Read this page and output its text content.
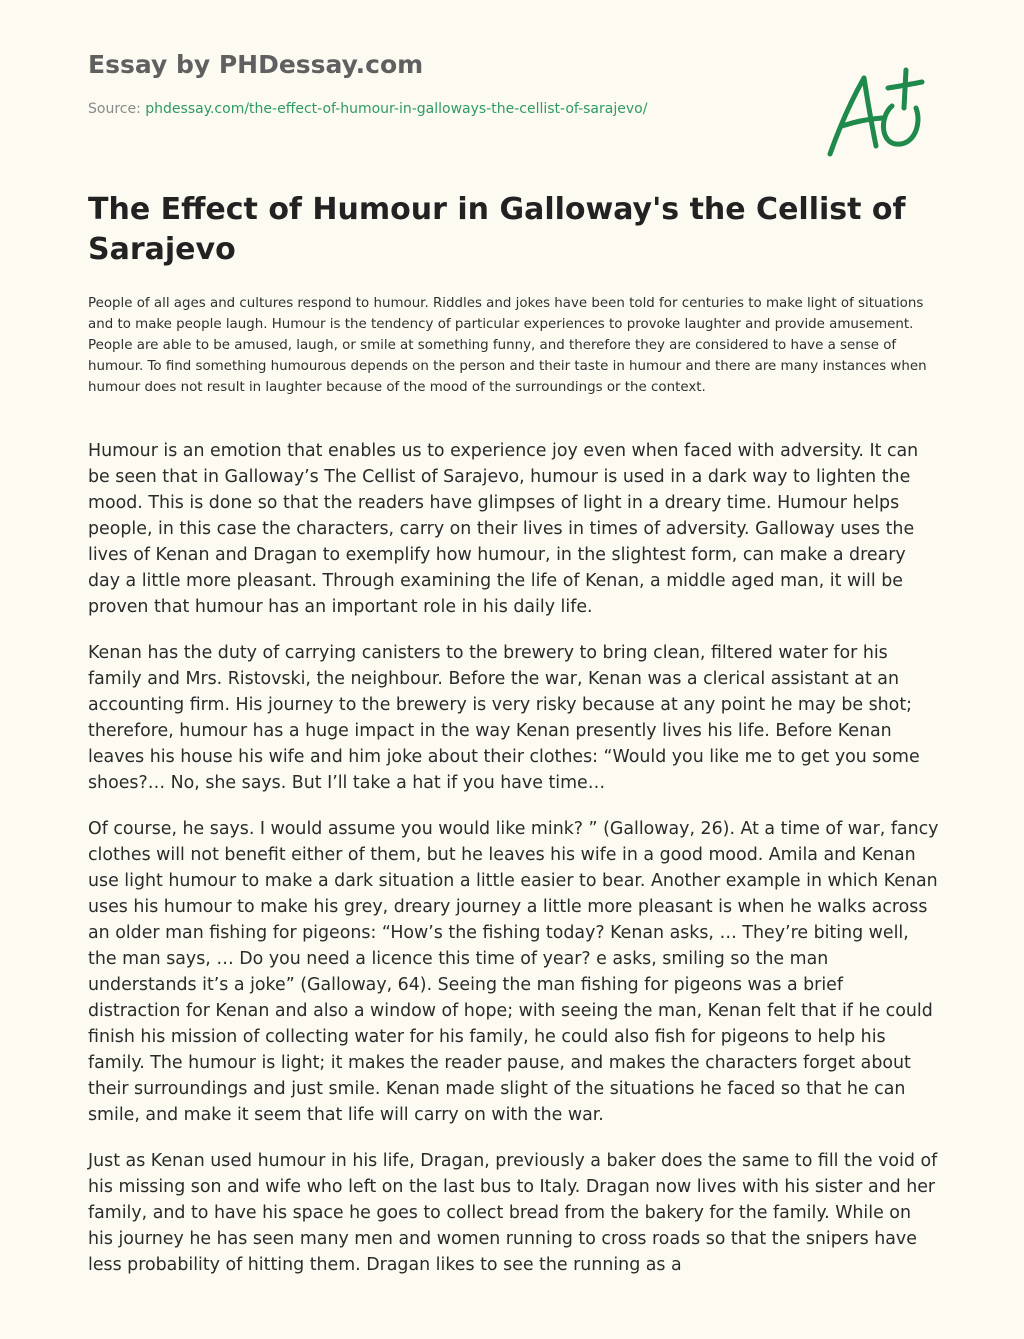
Essay by PHDessay.com
Source: phdessay.com/the-effect-of-humour-in-galloways-the-cellist-of-sarajevo/
The Effect of Humour in Galloway's the Cellist of Sarajevo

People of all ages and cultures respond to humour. Riddles and jokes have been told for centuries to make light of situations and to make people laugh. Humour is the tendency of particular experiences to provoke laughter and provide amusement. People are able to be amused, laugh, or smile at something funny, and therefore they are considered to have a sense of humour. To find something humourous depends on the person and their taste in humour and there are many instances when humour does not result in laughter because of the mood of the surroundings or the context.

Humour is an emotion that enables us to experience joy even when faced with adversity. It can be seen that in Galloway’s The Cellist of Sarajevo, humour is used in a dark way to lighten the mood. This is done so that the readers have glimpses of light in a dreary time. Humour helps people, in this case the characters, carry on their lives in times of adversity. Galloway uses the lives of Kenan and Dragan to exemplify how humour, in the slightest form, can make a dreary day a little more pleasant. Through examining the life of Kenan, a middle aged man, it will be proven that humour has an important role in his daily life.

Kenan has the duty of carrying canisters to the brewery to bring clean, filtered water for his family and Mrs. Ristovski, the neighbour. Before the war, Kenan was a clerical assistant at an accounting firm. His journey to the brewery is very risky because at any point he may be shot; therefore, humour has a huge impact in the way Kenan presently lives his life. Before Kenan leaves his house his wife and him joke about their clothes: “Would you like me to get you some shoes?… No, she says. But I’ll take a hat if you have time…

Of course, he says. I would assume you would like mink? ” (Galloway, 26). At a time of war, fancy clothes will not benefit either of them, but he leaves his wife in a good mood. Amila and Kenan use light humour to make a dark situation a little easier to bear. Another example in which Kenan uses his humour to make his grey, dreary journey a little more pleasant is when he walks across an older man fishing for pigeons: “How’s the fishing today? Kenan asks, … They’re biting well, the man says, … Do you need a licence this time of year? e asks, smiling so the man understands it’s a joke” (Galloway, 64). Seeing the man fishing for pigeons was a brief distraction for Kenan and also a window of hope; with seeing the man, Kenan felt that if he could finish his mission of collecting water for his family, he could also fish for pigeons to help his family. The humour is light; it makes the reader pause, and makes the characters forget about their surroundings and just smile. Kenan made slight of the situations he faced so that he can smile, and make it seem that life will carry on with the war.

Just as Kenan used humour in his life, Dragan, previously a baker does the same to fill the void of his missing son and wife who left on the last bus to Italy. Dragan now lives with his sister and her family, and to have his space he goes to collect bread from the bakery for the family. While on his journey he has seen many men and women running to cross roads so that the snipers have less probability of hitting them. Dragan likes to see the running as a
